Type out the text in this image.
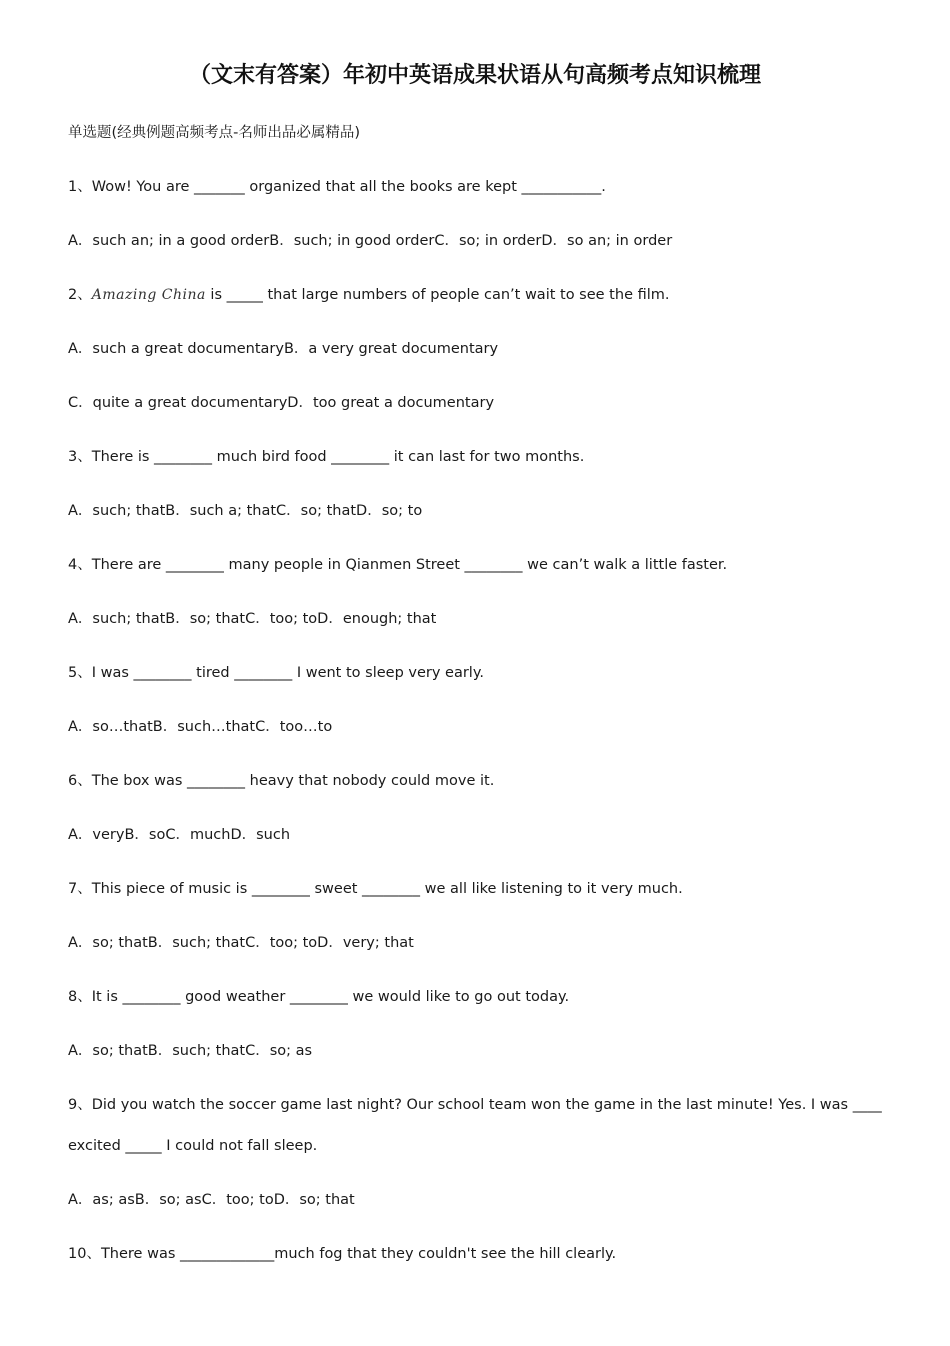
（文末有答案）年初中英语成果状语从句高频考点知识梳理
单选题(经典例题高频考点-名师出品必属精品)
1、Wow! You are _______ organized that all the books are kept ___________.
A．such an; in a good orderB．such; in good orderC．so; in orderD．so an; in order
2、Amazing China is _____ that large numbers of people can’t wait to see the film.
A．such a great documentaryB．a very great documentary
C．quite a great documentaryD．too great a documentary
3、There is ________ much bird food ________ it can last for two months.
A．such; thatB．such a; thatC．so; thatD．so; to
4、There are ________ many people in Qianmen Street ________ we can’t walk a little faster.
A．such; thatB．so; thatC．too; toD．enough; that
5、I was ________ tired ________ I went to sleep very early.
A．so…thatB．such…thatC．too…to
6、The box was ________ heavy that nobody could move it.
A．veryB．soC．muchD．such
7、This piece of music is ________ sweet ________ we all like listening to it very much.
A．so; thatB．such; thatC．too; toD．very; that
8、It is ________ good weather ________ we would like to go out today.
A．so; thatB．such; thatC．so; as
9、Did you watch the soccer game last night? Our school team won the game in the last minute! Yes. I was ____
excited _____ I could not fall sleep.
A．as; asB．so; asC．too; toD．so; that
10、There was _____________much fog that they couldn't see the hill clearly.
